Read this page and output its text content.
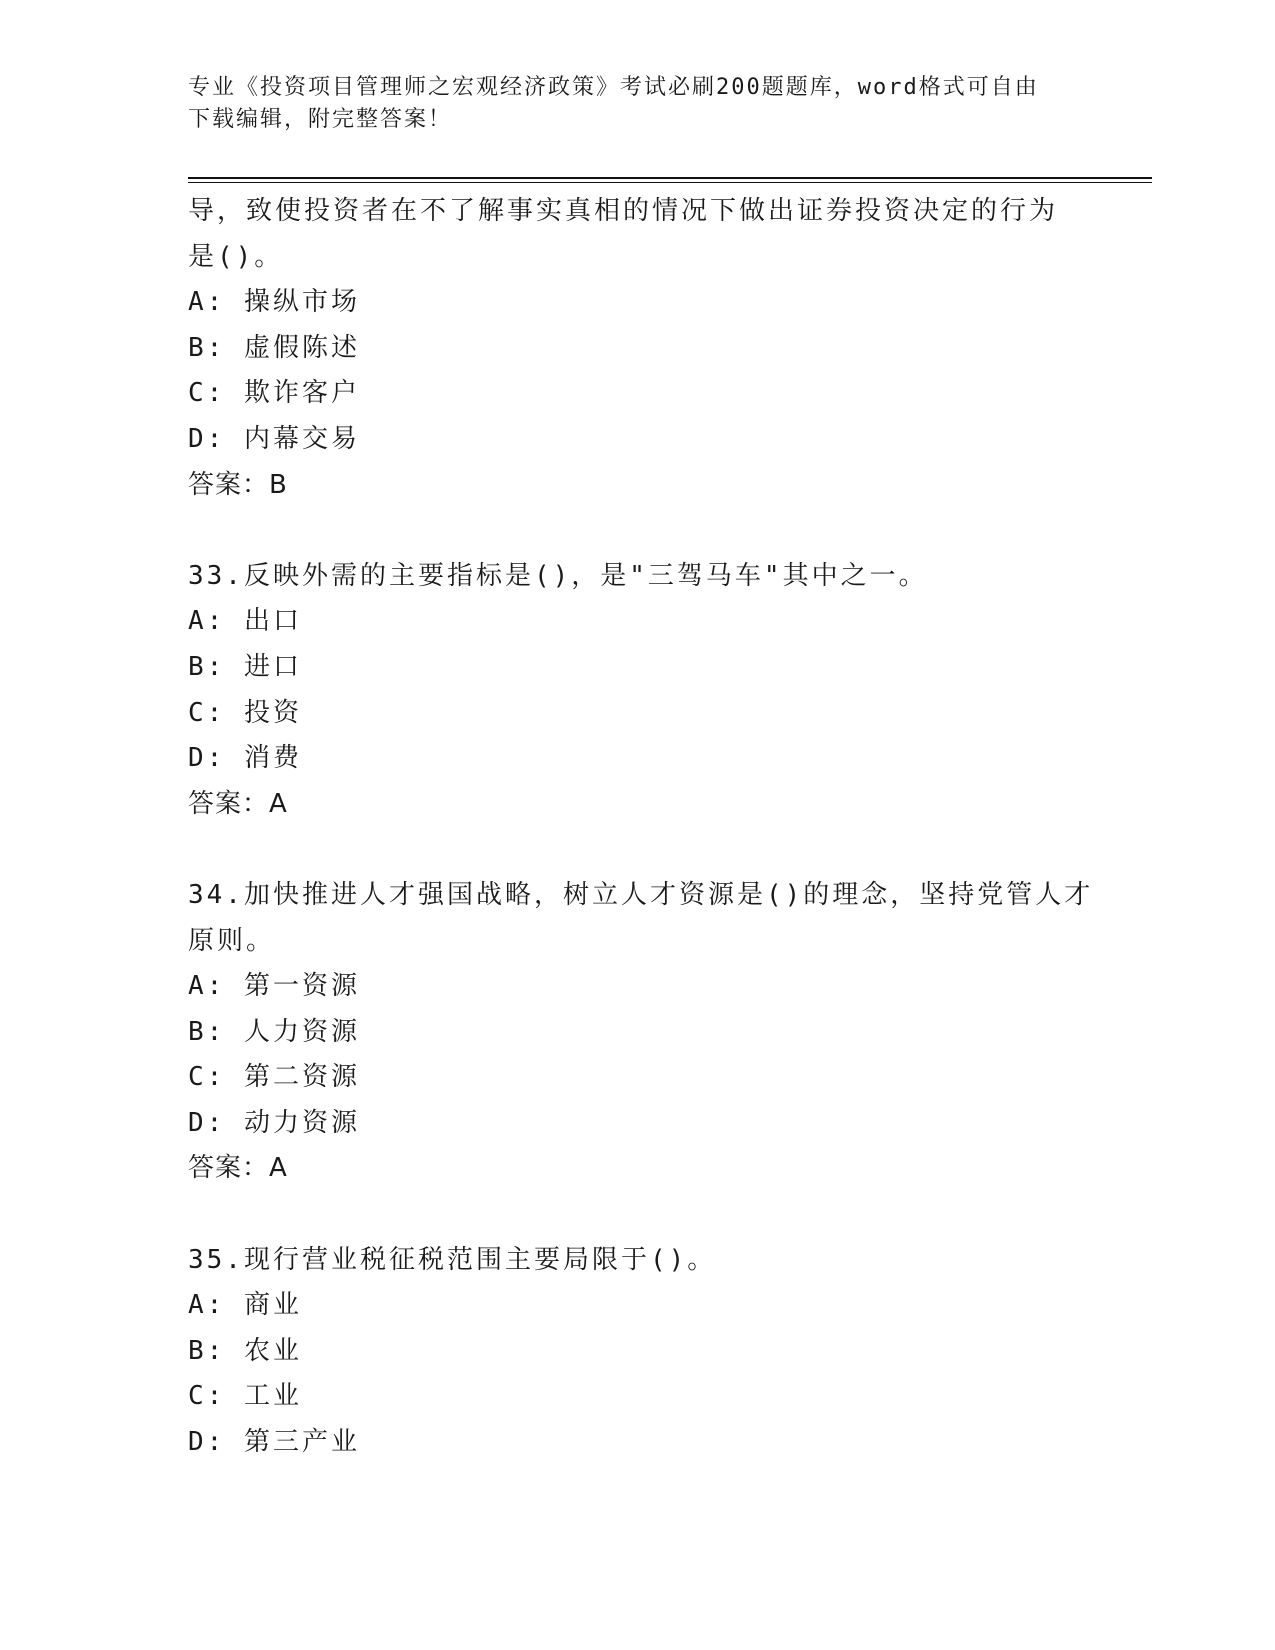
专业《投资项目管理师之宏观经济政策》考试必刷200题题库，word格式可自由
下载编辑，附完整答案！
导，致使投资者在不了解事实真相的情况下做出证券投资决定的行为
是()。
A: 操纵市场
B: 虚假陈述
C: 欺诈客户
D: 内幕交易
答案：B
33.反映外需的主要指标是()，是"三驾马车"其中之一。
A: 出口
B: 进口
C: 投资
D: 消费
答案：A
34.加快推进人才强国战略，树立人才资源是()的理念，坚持党管人才
原则。
A: 第一资源
B: 人力资源
C: 第二资源
D: 动力资源
答案：A
35.现行营业税征税范围主要局限于()。
A: 商业
B: 农业
C: 工业
D: 第三产业
